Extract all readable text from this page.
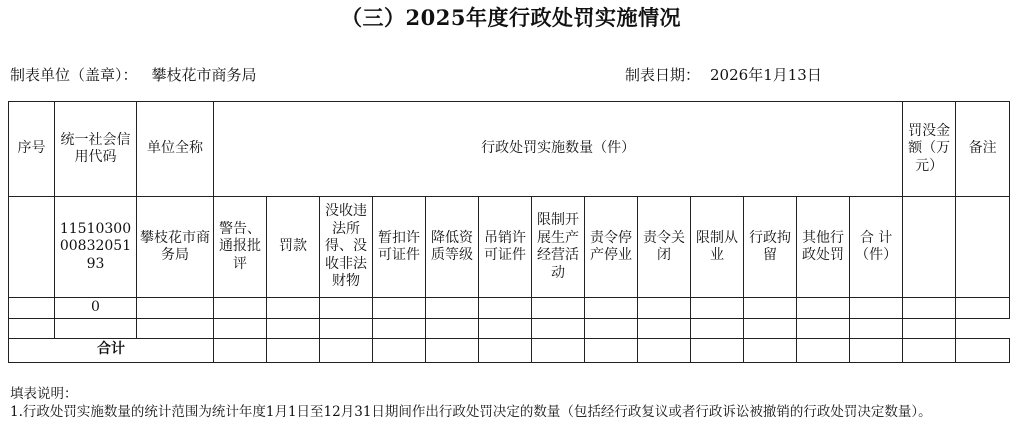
（三）2025年度行政处罚实施情况
制表单位（盖章）： 攀枝花市商务局	制表日期： 2026年1月13日
序号	统一社会信用代码	单位全称	行政处罚实施数量（件）													罚没金额（万元）	备注
	115103000083205193	攀枝花市商务局	警告、通报批评	罚款	没收违法所得、没收非法财物	暂扣许可证件	降低资质等级	吊销许可证件	限制开展生产经营活动	责令停产停业	责令关闭	限制从业	行政拘留	其他行政处罚	合 计（件）		
	0																

合计																	
填表说明：
1.行政处罚实施数量的统计范围为统计年度1月1日至12月31日期间作出行政处罚决定的数量（包括经行政复议或者行政诉讼被撤销的行政处罚决定数量）。
